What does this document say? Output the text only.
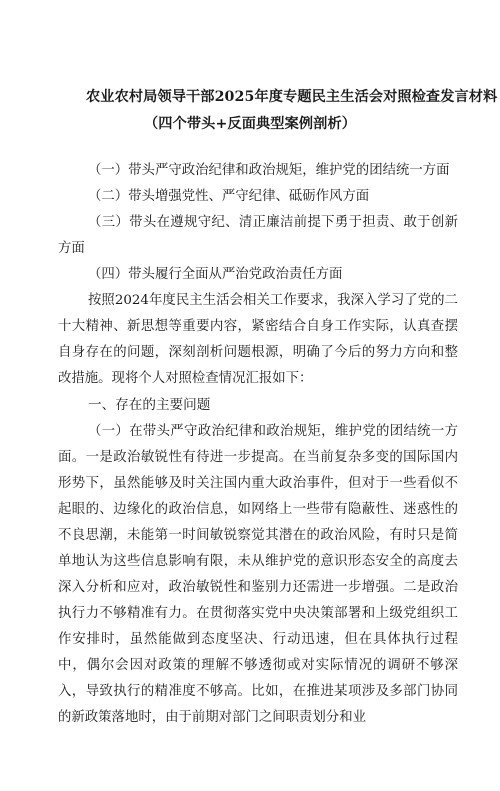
农业农村局领导干部2025年度专题民主生活会对照检查发言材料
（四个带头+反面典型案例剖析）
（一）带头严守政治纪律和政治规矩，维护党的团结统一方面
（二）带头增强党性、严守纪律、砥砺作风方面
（三）带头在遵规守纪、清正廉洁前提下勇于担责、敢于创新方面
（四）带头履行全面从严治党政治责任方面

按照2024年度民主生活会相关工作要求，我深入学习了党的二十大精神、新思想等重要内容，紧密结合自身工作实际，认真查摆自身存在的问题，深刻剖析问题根源，明确了今后的努力方向和整改措施。现将个人对照检查情况汇报如下：

一、存在的主要问题

（一）在带头严守政治纪律和政治规矩，维护党的团结统一方面。一是政治敏锐性有待进一步提高。在当前复杂多变的国际国内形势下，虽然能够及时关注国内重大政治事件，但对于一些看似不起眼的、边缘化的政治信息，如网络上一些带有隐蔽性、迷惑性的不良思潮，未能第一时间敏锐察觉其潜在的政治风险，有时只是简单地认为这些信息影响有限，未从维护党的意识形态安全的高度去深入分析和应对，政治敏锐性和鉴别力还需进一步增强。二是政治执行力不够精准有力。在贯彻落实党中央决策部署和上级党组织工作安排时，虽然能做到态度坚决、行动迅速，但在具体执行过程中，偶尔会因对政策的理解不够透彻或对实际情况的调研不够深入，导致执行的精准度不够高。比如，在推进某项涉及多部门协同的新政策落地时，由于前期对部门之间职责划分和业
